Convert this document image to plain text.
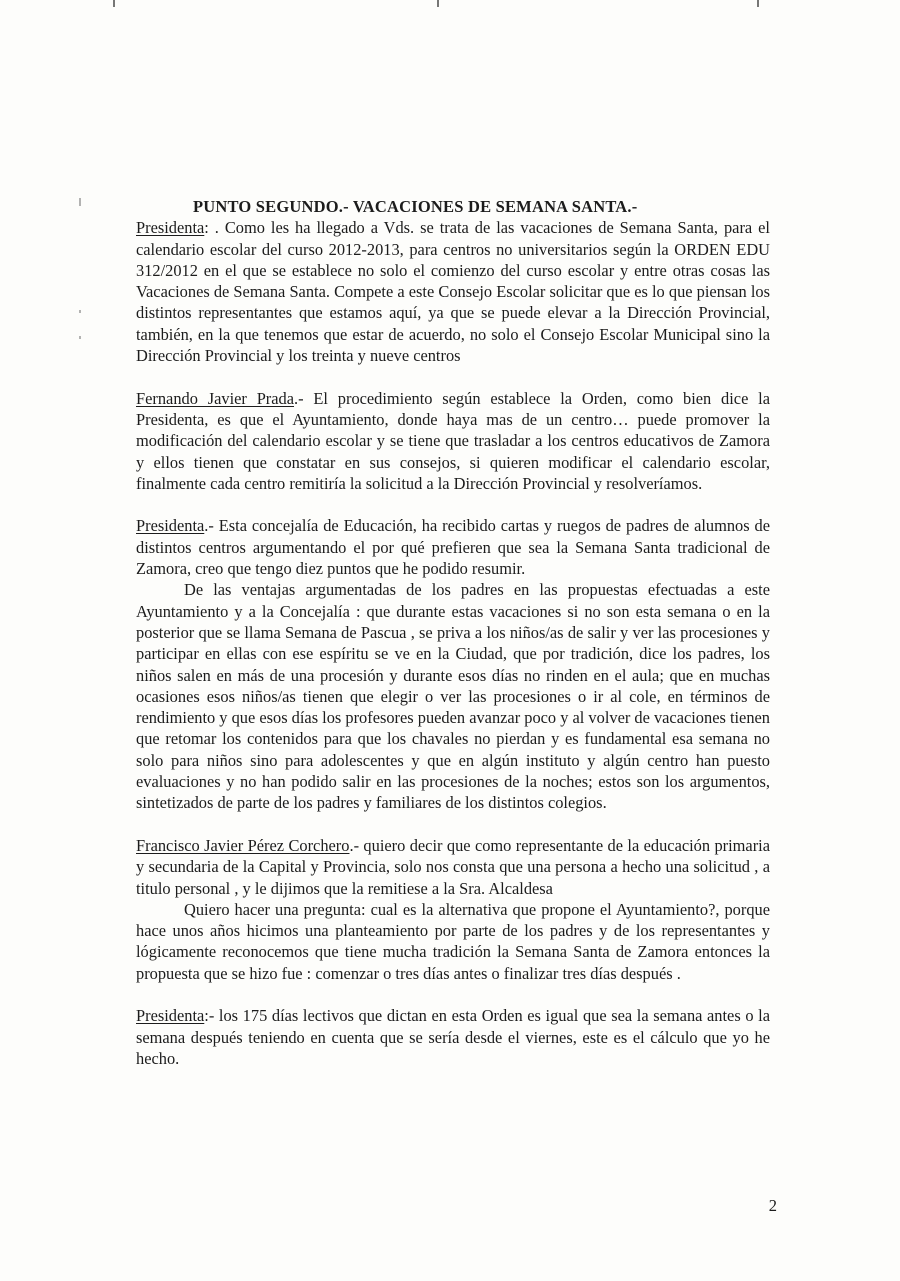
PUNTO SEGUNDO.- VACACIONES DE SEMANA SANTA.-

Presidenta: . Como les ha llegado a Vds. se trata de las vacaciones de Semana Santa, para el calendario escolar del curso 2012-2013, para centros no universitarios según la ORDEN EDU 312/2012 en el que se establece no solo el comienzo del curso escolar y entre otras cosas las Vacaciones de Semana Santa. Compete a este Consejo Escolar solicitar que es lo que piensan los distintos representantes que estamos aquí, ya que se puede elevar a la Dirección Provincial, también, en la que tenemos que estar de acuerdo, no solo el Consejo Escolar Municipal sino la Dirección Provincial y los treinta y nueve centros

Fernando Javier Prada.- El procedimiento según establece la Orden, como bien dice la Presidenta, es que el Ayuntamiento, donde haya mas de un centro… puede promover la modificación del calendario escolar y se tiene que trasladar a los centros educativos de Zamora y ellos tienen que constatar en sus consejos, si quieren modificar el calendario escolar, finalmente cada centro remitiría la solicitud a la Dirección Provincial y resolveríamos.

Presidenta.- Esta concejalía de Educación, ha recibido cartas y ruegos de padres de alumnos de distintos centros argumentando el por qué prefieren que sea la Semana Santa tradicional de Zamora, creo que tengo diez puntos que he podido resumir.

De las ventajas argumentadas de los padres en las propuestas efectuadas a este Ayuntamiento y a la Concejalía : que durante estas vacaciones si no son esta semana o en la posterior que se llama Semana de Pascua , se priva a los niños/as de salir y ver las procesiones y participar en ellas con ese espíritu se ve en la Ciudad, que por tradición, dice los padres, los niños salen en más de una procesión y durante esos días no rinden en el aula; que en muchas ocasiones esos niños/as tienen que elegir o ver las procesiones o ir al cole, en términos de rendimiento y que esos días los profesores pueden avanzar poco y al volver de vacaciones tienen que retomar los contenidos para que los chavales no pierdan y es fundamental esa semana no solo para niños sino para adolescentes y que en algún instituto y algún centro han puesto evaluaciones y no han podido salir en las procesiones de la noches; estos son los argumentos, sintetizados de parte de los padres y familiares de los distintos colegios.

Francisco Javier Pérez Corchero.- quiero decir que como representante de la educación primaria y secundaria de la Capital y Provincia, solo nos consta que una persona a hecho una solicitud , a titulo personal , y le dijimos que la remitiese a la Sra. Alcaldesa

Quiero hacer una pregunta: cual es la alternativa que propone el Ayuntamiento?, porque hace unos años hicimos una planteamiento por parte de los padres y de los representantes y lógicamente reconocemos que tiene mucha tradición la Semana Santa de Zamora entonces la propuesta que se hizo fue : comenzar o tres días antes o finalizar tres días después .

Presidenta:- los 175 días lectivos que dictan en esta Orden es igual que sea la semana antes o la semana después teniendo en cuenta que se sería desde el viernes, este es el cálculo que yo he hecho.

2
